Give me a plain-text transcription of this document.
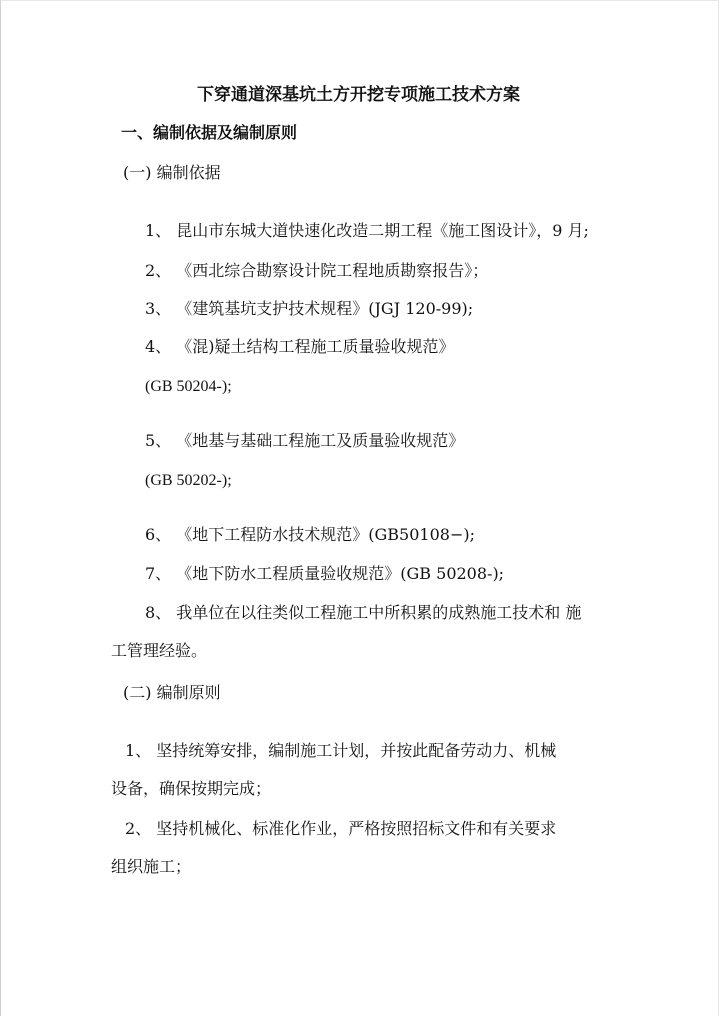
下穿通道深基坑土方开挖专项施工技术方案
一、编制依据及编制原则
(一) 编制依据
1、 昆山市东城大道快速化改造二期工程《施工图设计》，9 月;
2、 《西北综合勘察设计院工程地质勘察报告》；
3、 《建筑基坑支护技术规程》(JGJ 120-99);
4、 《混)疑土结构工程施工质量验收规范》
(GB 50204-);
5、 《地基与基础工程施工及质量验收规范》
(GB 50202-);
6、 《地下工程防水技术规范》(GB50108−);
7、 《地下防水工程质量验收规范》(GB 50208-);
8、 我单位在以往类似工程施工中所积累的成熟施工技术和 施
工管理经验。
(二) 编制原则
1、 坚持统筹安排，编制施工计划，并按此配备劳动力、机械
设备，确保按期完成；
2、 坚持机械化、标准化作业，严格按照招标文件和有关要求
组织施工；
